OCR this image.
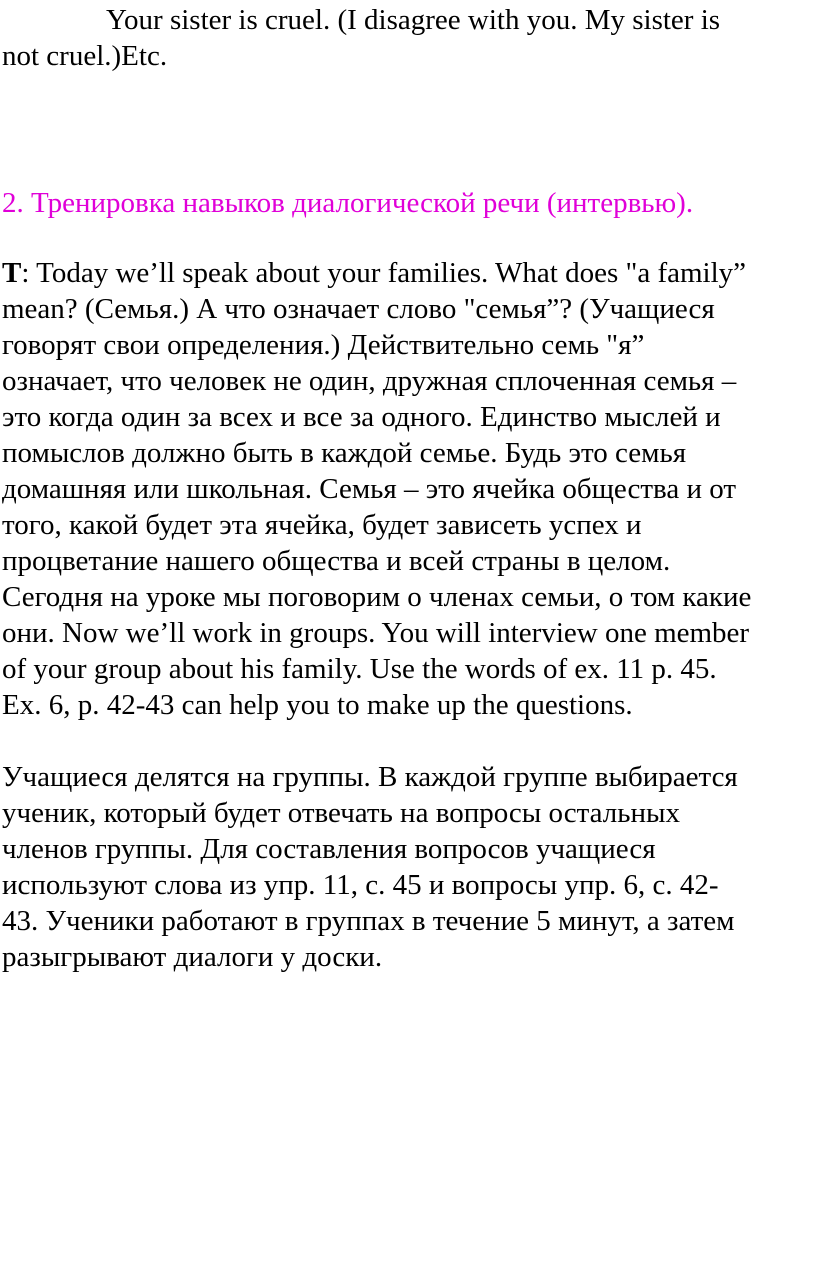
Your sister is cruel. (I disagree with you. My sister is
not cruel.)Etc.
2. Тренировка навыков диалогической речи (интервью).
T: Today we’ll speak about your families. What does "a family”
mean? (Семья.) А что означает слово "семья”? (Учащиеся
говорят свои определения.) Действительно семь "я”
означает, что человек не один, дружная сплоченная семья –
это когда один за всех и все за одного. Единство мыслей и
помыслов должно быть в каждой семье. Будь это семья
домашняя или школьная. Семья – это ячейка общества и от
того, какой будет эта ячейка, будет зависеть успех и
процветание нашего общества и всей страны в целом.
Сегодня на уроке мы поговорим о членах семьи, о том какие
они. Now we’ll work in groups. You will interview one member
of your group about his family. Use the words of ex. 11 p. 45.
Ex. 6, p. 42-43 can help you to make up the questions.
Учащиеся делятся на группы. В каждой группе выбирается
ученик, который будет отвечать на вопросы остальных
членов группы. Для составления вопросов учащиеся
используют слова из упр. 11, с. 45 и вопросы упр. 6, с. 42-
43. Ученики работают в группах в течение 5 минут, а затем
разыгрывают диалоги у доски.
